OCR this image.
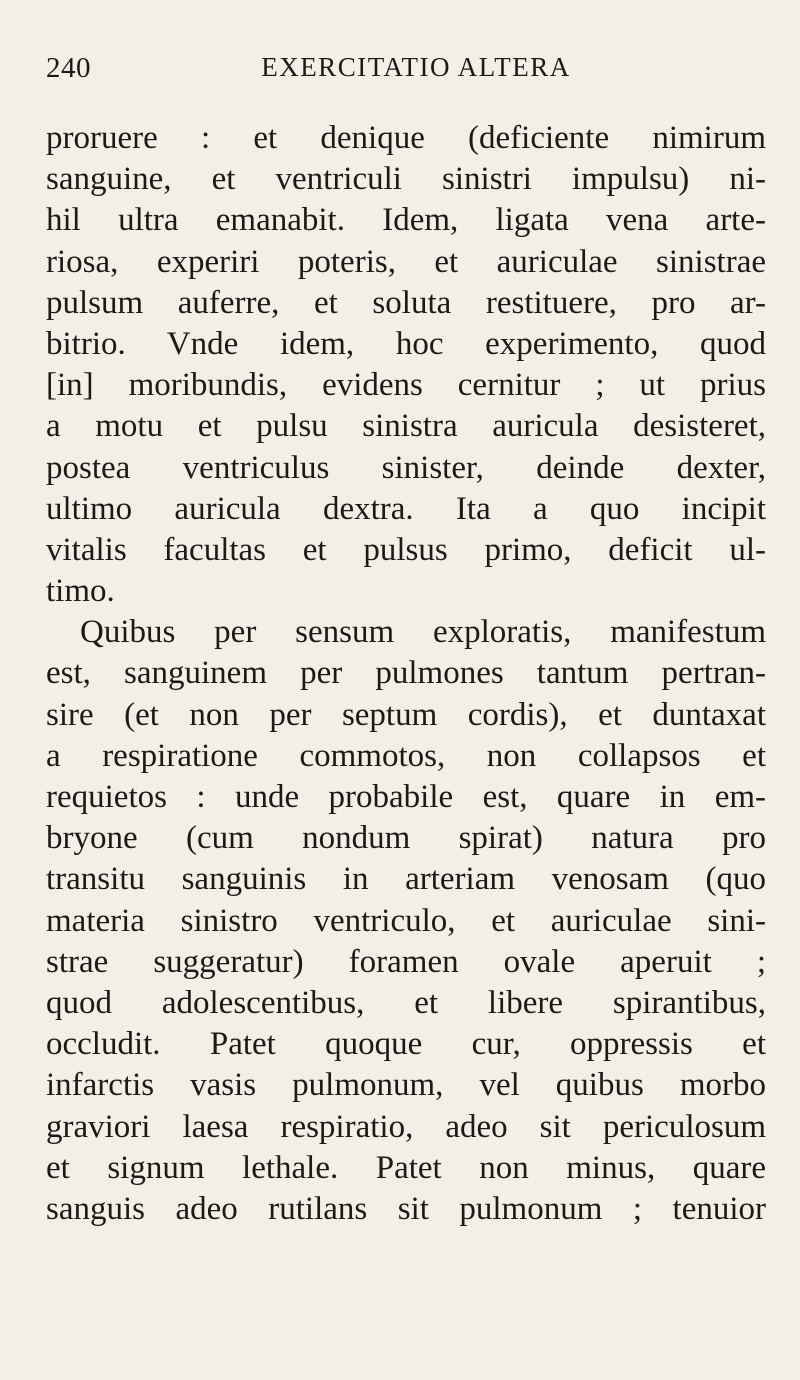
240	EXERCITATIO ALTERA
proruere : et denique (deficiente nimirum
sanguine, et ventriculi sinistri impulsu) ni-
hil ultra emanabit. Idem, ligata vena arte-
riosa, experiri poteris, et auriculae sinistrae
pulsum auferre, et soluta restituere, pro ar-
bitrio. Vnde idem, hoc experimento, quod
[in] moribundis, evidens cernitur ; ut prius
a motu et pulsu sinistra auricula desisteret,
postea ventriculus sinister, deinde dexter,
ultimo auricula dextra. Ita a quo incipit
vitalis facultas et pulsus primo, deficit ul-
timo.
Quibus per sensum exploratis, manifestum
est, sanguinem per pulmones tantum pertran-
sire (et non per septum cordis), et duntaxat
a respiratione commotos, non collapsos et
requietos : unde probabile est, quare in em-
bryone (cum nondum spirat) natura pro
transitu sanguinis in arteriam venosam (quo
materia sinistro ventriculo, et auriculae sini-
strae suggeratur) foramen ovale aperuit ;
quod adolescentibus, et libere spirantibus,
occludit. Patet quoque cur, oppressis et
infarctis vasis pulmonum, vel quibus morbo
graviori laesa respiratio, adeo sit periculosum
et signum lethale. Patet non minus, quare
sanguis adeo rutilans sit pulmonum ; tenuior
